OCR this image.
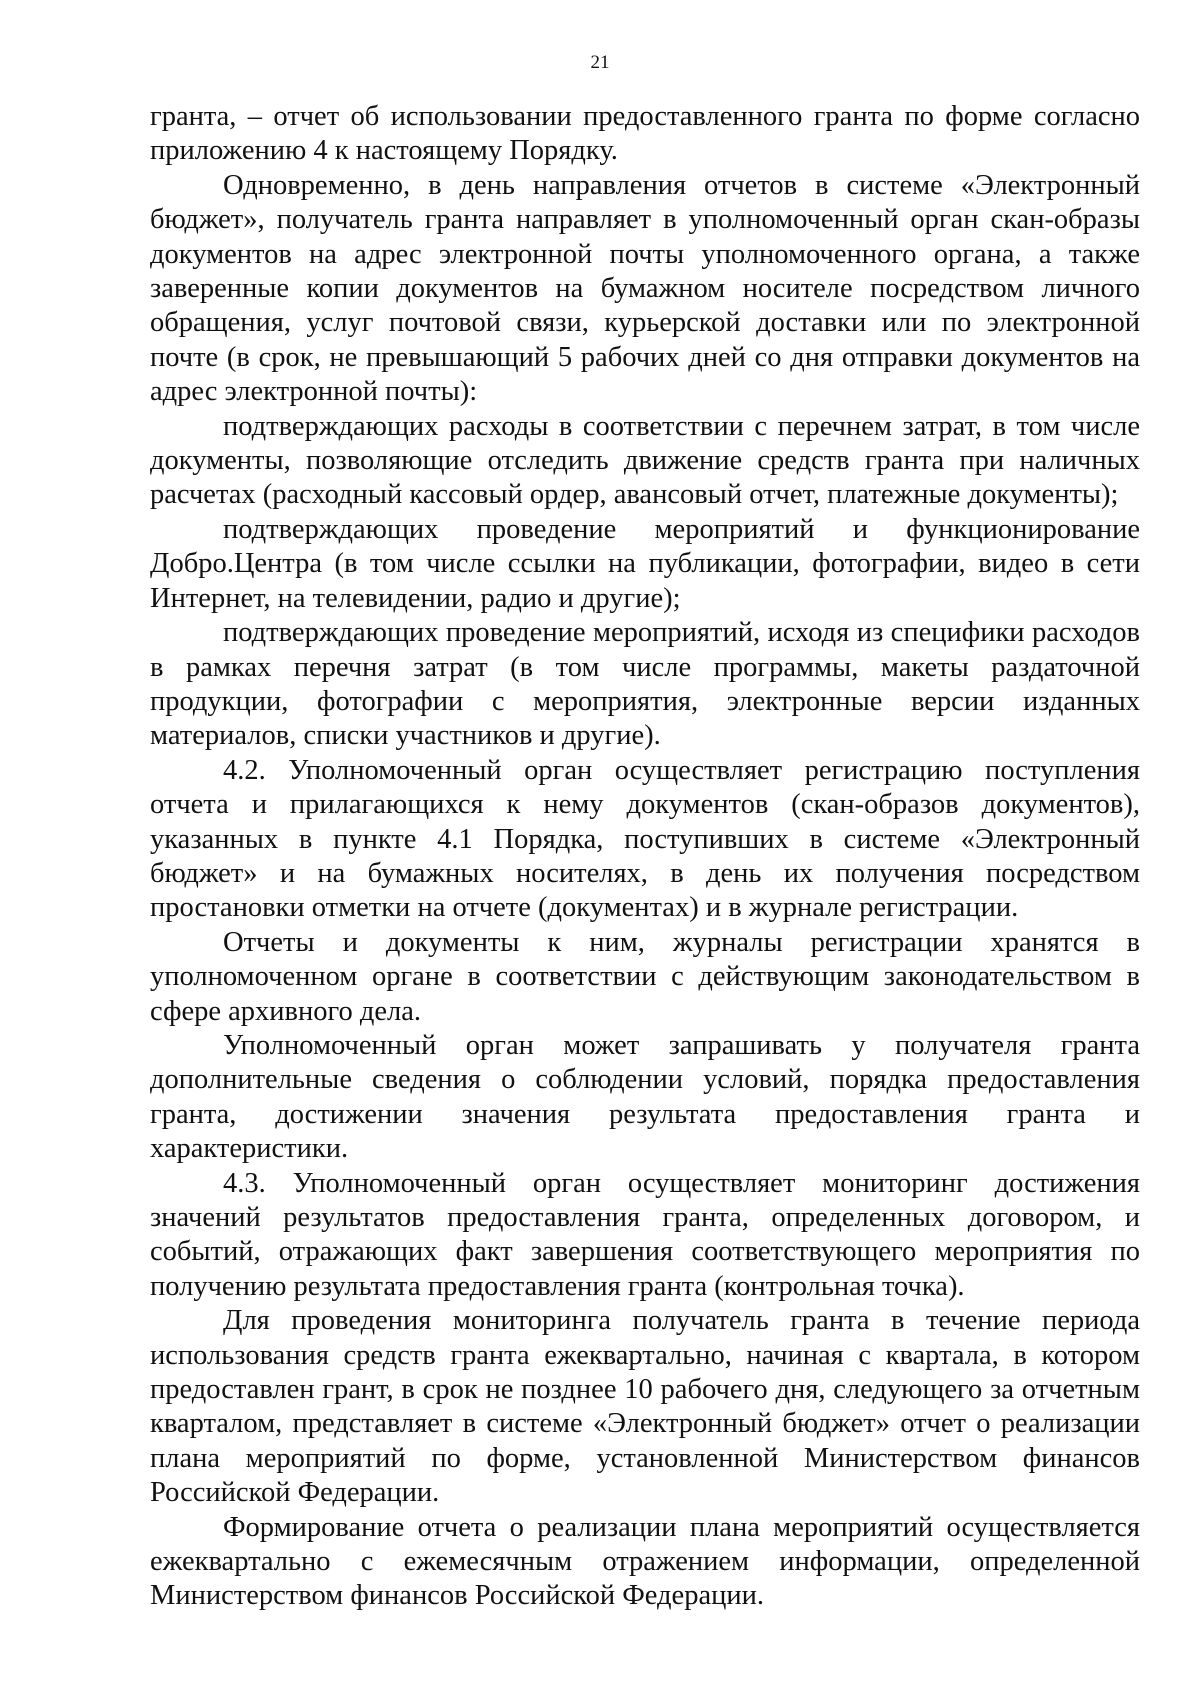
21

гранта, – отчет об использовании предоставленного гранта по форме согласно приложению 4 к настоящему Порядку.

Одновременно, в день направления отчетов в системе «Электронный бюджет», получатель гранта направляет в уполномоченный орган скан-образы документов на адрес электронной почты уполномоченного органа, а также заверенные копии документов на бумажном носителе посредством личного обращения, услуг почтовой связи, курьерской доставки или по электронной почте (в срок, не превышающий 5 рабочих дней со дня отправки документов на адрес электронной почты):

подтверждающих расходы в соответствии с перечнем затрат, в том числе документы, позволяющие отследить движение средств гранта при наличных расчетах (расходный кассовый ордер, авансовый отчет, платежные документы);

подтверждающих проведение мероприятий и функционирование Добро.Центра (в том числе ссылки на публикации, фотографии, видео в сети Интернет, на телевидении, радио и другие);

подтверждающих проведение мероприятий, исходя из специфики расходов в рамках перечня затрат (в том числе программы, макеты раздаточной продукции, фотографии с мероприятия, электронные версии изданных материалов, списки участников и другие).

4.2. Уполномоченный орган осуществляет регистрацию поступления отчета и прилагающихся к нему документов (скан-образов документов), указанных в пункте 4.1 Порядка, поступивших в системе «Электронный бюджет» и на бумажных носителях, в день их получения посредством простановки отметки на отчете (документах) и в журнале регистрации.

Отчеты и документы к ним, журналы регистрации хранятся в уполномоченном органе в соответствии с действующим законодательством в сфере архивного дела.

Уполномоченный орган может запрашивать у получателя гранта дополнительные сведения о соблюдении условий, порядка предоставления гранта, достижении значения результата предоставления гранта и характеристики.

4.3. Уполномоченный орган осуществляет мониторинг достижения значений результатов предоставления гранта, определенных договором, и событий, отражающих факт завершения соответствующего мероприятия по получению результата предоставления гранта (контрольная точка).

Для проведения мониторинга получатель гранта в течение периода использования средств гранта ежеквартально, начиная с квартала, в котором предоставлен грант, в срок не позднее 10 рабочего дня, следующего за отчетным кварталом, представляет в системе «Электронный бюджет» отчет о реализации плана мероприятий по форме, установленной Министерством финансов Российской Федерации.

Формирование отчета о реализации плана мероприятий осуществляется ежеквартально с ежемесячным отражением информации, определенной Министерством финансов Российской Федерации.
